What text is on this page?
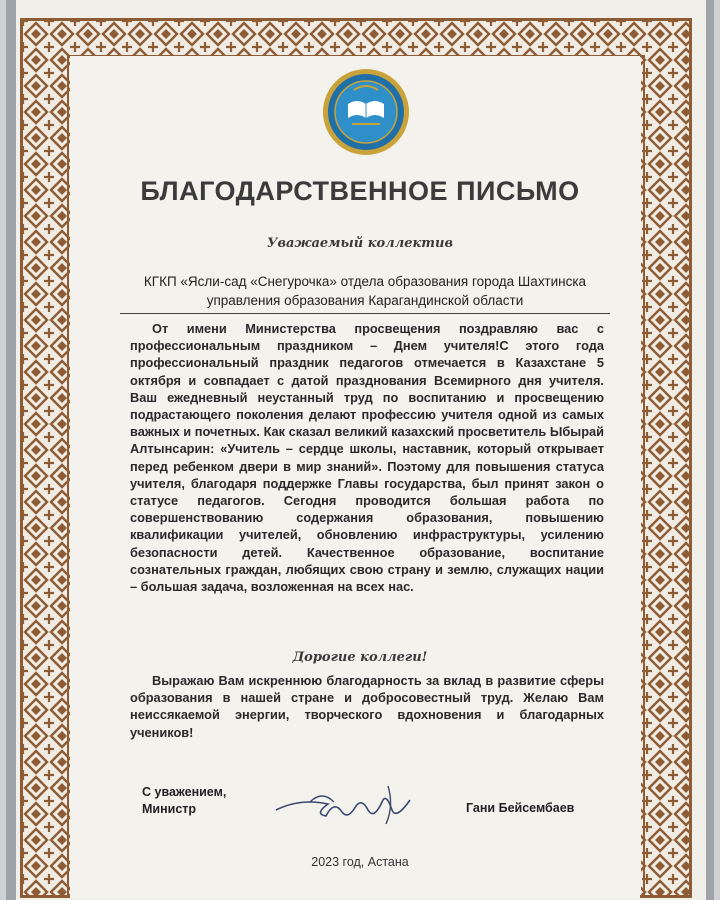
БЛАГОДАРСТВЕННОЕ ПИСЬМО
Уважаемый коллектив
КГКП «Ясли-сад «Снегурочка» отдела образования города Шахтинска управления образования Карагандинской области
От имени Министерства просвещения поздравляю вас с профессиональным праздником – Днем учителя!С этого года профессиональный праздник педагогов отмечается в Казахстане 5 октября и совпадает с датой празднования Всемирного дня учителя. Ваш ежедневный неустанный труд по воспитанию и просвещению подрастающего поколения делают профессию учителя одной из самых важных и почетных. Как сказал великий казахский просветитель Ыбырай Алтынсарин: «Учитель – сердце школы, наставник, который открывает перед ребенком двери в мир знаний». Поэтому для повышения статуса учителя, благодаря поддержке Главы государства, был принят закон о статусе педагогов. Сегодня проводится большая работа по совершенствованию содержания образования, повышению квалификации учителей, обновлению инфраструктуры, усилению безопасности детей. Качественное образование, воспитание сознательных граждан, любящих свою страну и землю, служащих нации – большая задача, возложенная на всех нас.
Дорогие коллеги!
Выражаю Вам искреннюю благодарность за вклад в развитие сферы образования в нашей стране и добросовестный труд. Желаю Вам неиссякаемой энергии, творческого вдохновения и благодарных учеников!
С уважением,
Министр	Гани Бейсембаев
2023 год, Астана
